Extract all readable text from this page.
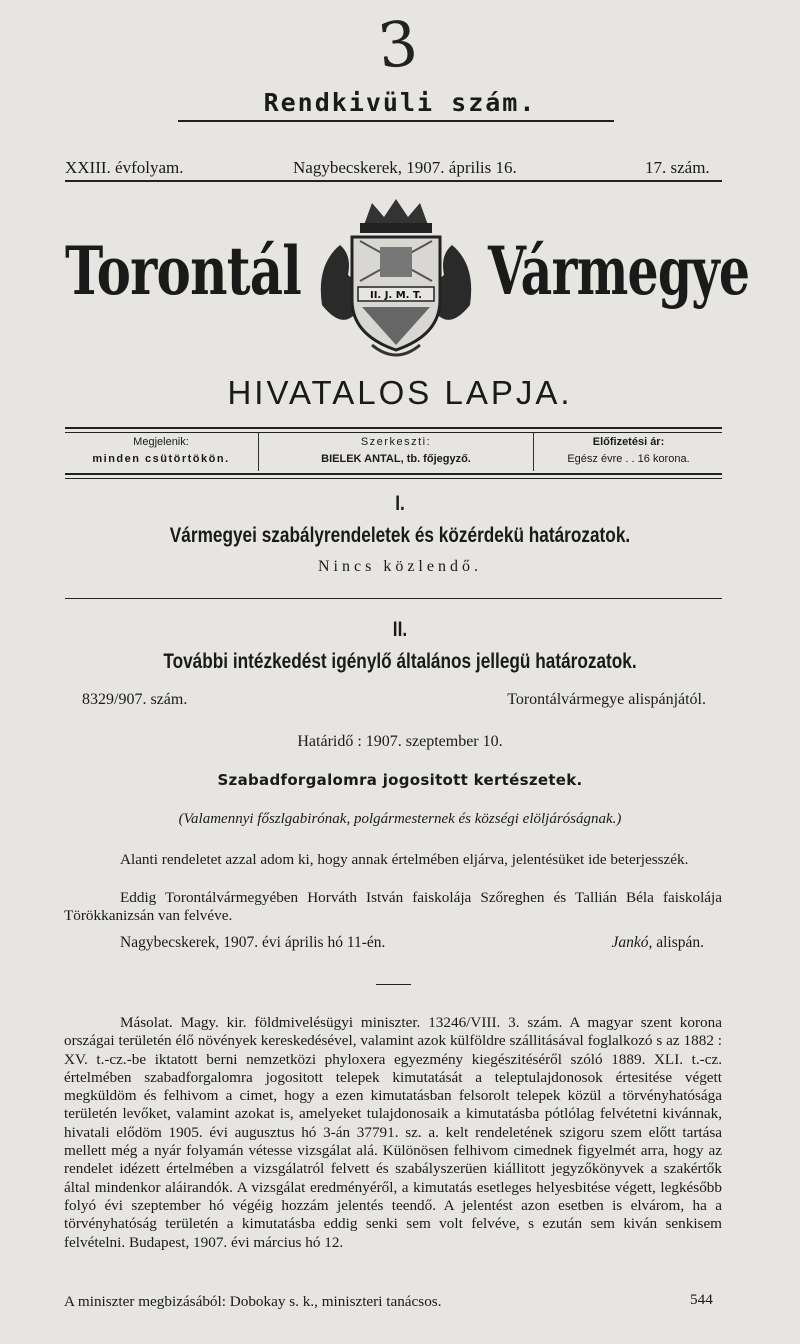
3
Rendkivüli szám.
XXIII. évfolyam.	Nagybecskerek, 1907. április 16.	17. szám.
Torontál	Vármegye
II. J. M. T.
HIVATALOS LAPJA.
Megjelenik:
minden csütörtökön.
Szerkeszti:
BIELEK ANTAL, tb. főjegyző.
Előfizetési ár:
Egész évre . . 16 korona.
I.
Vármegyei szabályrendeletek és közérdekü határozatok.
Nincs közlendő.
II.
További intézkedést igénylő általános jellegü határozatok.
8329/907. szám.	Torontálvármegye alispánjától.
Határidő : 1907. szeptember 10.
Szabadforgalomra jogositott kertészetek.
(Valamennyi főszlgabirónak, polgármesternek és községi elöljáróságnak.)
Alanti rendeletet azzal adom ki, hogy annak értelmében eljárva, jelentésüket ide beterjesszék.
Eddig Torontálvármegyében Horváth István faiskolája Szőreghen és Tallián Béla faiskolája Törökkanizsán van felvéve.
Nagybecskerek, 1907. évi április hó 11-én.	Jankó, alispán.
Másolat. Magy. kir. földmivelésügyi miniszter. 13246/VIII. 3. szám. A magyar szent korona országai területén élő növények kereskedésével, valamint azok külföldre szállitásával foglalkozó s az 1882 : XV. t.-cz.-be iktatott berni nemzetközi phyloxera egyezmény kiegészitéséről szóló 1889. XLI. t.-cz. értelmében szabadforgalomra jogositott telepek kimutatását a teleptulajdonosok értesitése végett megküldöm és felhivom a cimet, hogy a ezen kimutatásban felsorolt telepek közül a törvényhatósága területén levőket, valamint azokat is, amelyeket tulajdonosaik a kimutatásba pótlólag felvétetni kivánnak, hivatali elődöm 1905. évi augusztus hó 3-án 37791. sz. a. kelt rendeletének szigoru szem előtt tartása mellett még a nyár folyamán vétesse vizsgálat alá. Különösen felhivom cimednek figyelmét arra, hogy az rendelet idézett értelmében a vizsgálatról felvett és szabályszerüen kiállitott jegyzőkönyvek a szakértők által mindenkor aláirandók. A vizsgálat eredményéről, a kimutatás esetleges helyesbitése végett, legkésőbb folyó évi szeptember hó végéig hozzám jelentés teendő. A jelentést azon esetben is elvárom, ha a törvényhatóság területén a kimutatásba eddig senki sem volt felvéve, s ezután sem kiván senkisem felvételni. Budapest, 1907. évi március hó 12.
A miniszter megbizásából: Dobokay s. k., miniszteri tanácsos.	544
